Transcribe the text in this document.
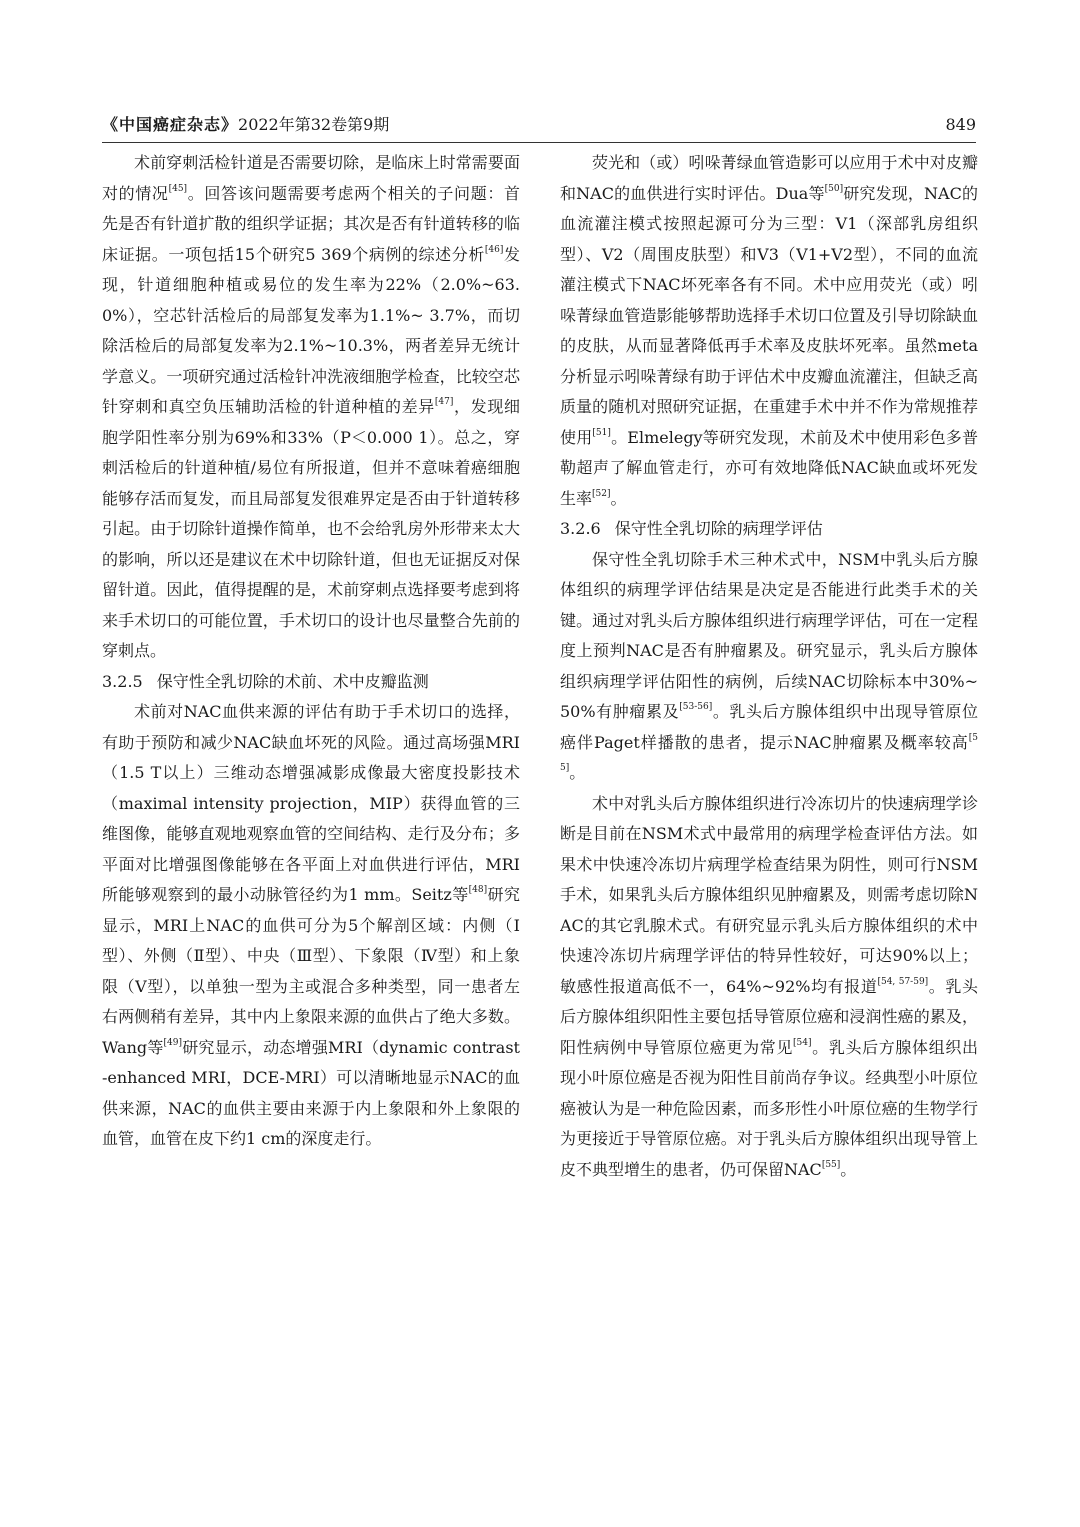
《中国癌症杂志》2022年第32卷第9期	849

术前穿刺活检针道是否需要切除，是临床上时常需要面对的情况[45]。回答该问题需要考虑两个相关的子问题：首先是否有针道扩散的组织学证据；其次是否有针道转移的临床证据。一项包括15个研究5 369个病例的综述分析[46]发现，针道细胞种植或易位的发生率为22%（2.0%~63.0%），空芯针活检后的局部复发率为1.1%~ 3.7%，而切除活检后的局部复发率为2.1%~10.3%，两者差异无统计学意义。一项研究通过活检针冲洗液细胞学检查，比较空芯针穿刺和真空负压辅助活检的针道种植的差异[47]，发现细胞学阳性率分别为69%和33%（P＜0.000 1）。总之，穿刺活检后的针道种植/易位有所报道，但并不意味着癌细胞能够存活而复发，而且局部复发很难界定是否由于针道转移引起。由于切除针道操作简单，也不会给乳房外形带来太大的影响，所以还是建议在术中切除针道，但也无证据反对保留针道。因此，值得提醒的是，术前穿刺点选择要考虑到将来手术切口的可能位置，手术切口的设计也尽量整合先前的穿刺点。

3.2.5 保守性全乳切除的术前、术中皮瓣监测

术前对NAC血供来源的评估有助于手术切口的选择，有助于预防和减少NAC缺血坏死的风险。通过高场强MRI（1.5 T以上）三维动态增强减影成像最大密度投影技术（maximal intensity projection，MIP）获得血管的三维图像，能够直观地观察血管的空间结构、走行及分布；多平面对比增强图像能够在各平面上对血供进行评估，MRI所能够观察到的最小动脉管径约为1 mm。Seitz等[48]研究显示，MRI上NAC的血供可分为5个解剖区域：内侧（Ⅰ型）、外侧（Ⅱ型）、中央（Ⅲ型）、下象限（Ⅳ型）和上象限（Ⅴ型），以单独一型为主或混合多种类型，同一患者左右两侧稍有差异，其中内上象限来源的血供占了绝大多数。Wang等[49]研究显示，动态增强MRI（dynamic contrast-enhanced MRI，DCE-MRI）可以清晰地显示NAC的血供来源，NAC的血供主要由来源于内上象限和外上象限的血管，血管在皮下约1 cm的深度走行。

荧光和（或）吲哚菁绿血管造影可以应用于术中对皮瓣和NAC的血供进行实时评估。Dua等[50]研究发现，NAC的血流灌注模式按照起源可分为三型：V1（深部乳房组织型）、V2（周围皮肤型）和V3（V1+V2型），不同的血流灌注模式下NAC坏死率各有不同。术中应用荧光（或）吲哚菁绿血管造影能够帮助选择手术切口位置及引导切除缺血的皮肤，从而显著降低再手术率及皮肤坏死率。虽然meta分析显示吲哚菁绿有助于评估术中皮瓣血流灌注，但缺乏高质量的随机对照研究证据，在重建手术中并不作为常规推荐使用[51]。Elmelegy等研究发现，术前及术中使用彩色多普勒超声了解血管走行，亦可有效地降低NAC缺血或坏死发生率[52]。

3.2.6 保守性全乳切除的病理学评估

保守性全乳切除手术三种术式中，NSM中乳头后方腺体组织的病理学评估结果是决定是否能进行此类手术的关键。通过对乳头后方腺体组织进行病理学评估，可在一定程度上预判NAC是否有肿瘤累及。研究显示，乳头后方腺体组织病理学评估阳性的病例，后续NAC切除标本中30%~ 50%有肿瘤累及[53-56]。乳头后方腺体组织中出现导管原位癌伴Paget样播散的患者，提示NAC肿瘤累及概率较高[55]。

术中对乳头后方腺体组织进行冷冻切片的快速病理学诊断是目前在NSM术式中最常用的病理学检查评估方法。如果术中快速冷冻切片病理学检查结果为阴性，则可行NSM手术，如果乳头后方腺体组织见肿瘤累及，则需考虑切除NAC的其它乳腺术式。有研究显示乳头后方腺体组织的术中快速冷冻切片病理学评估的特异性较好，可达90%以上；敏感性报道高低不一，64%~92%均有报道[54, 57-59]。乳头后方腺体组织阳性主要包括导管原位癌和浸润性癌的累及，阳性病例中导管原位癌更为常见[54]。乳头后方腺体组织出现小叶原位癌是否视为阳性目前尚存争议。经典型小叶原位癌被认为是一种危险因素，而多形性小叶原位癌的生物学行为更接近于导管原位癌。对于乳头后方腺体组织出现导管上皮不典型增生的患者，仍可保留NAC[55]。
